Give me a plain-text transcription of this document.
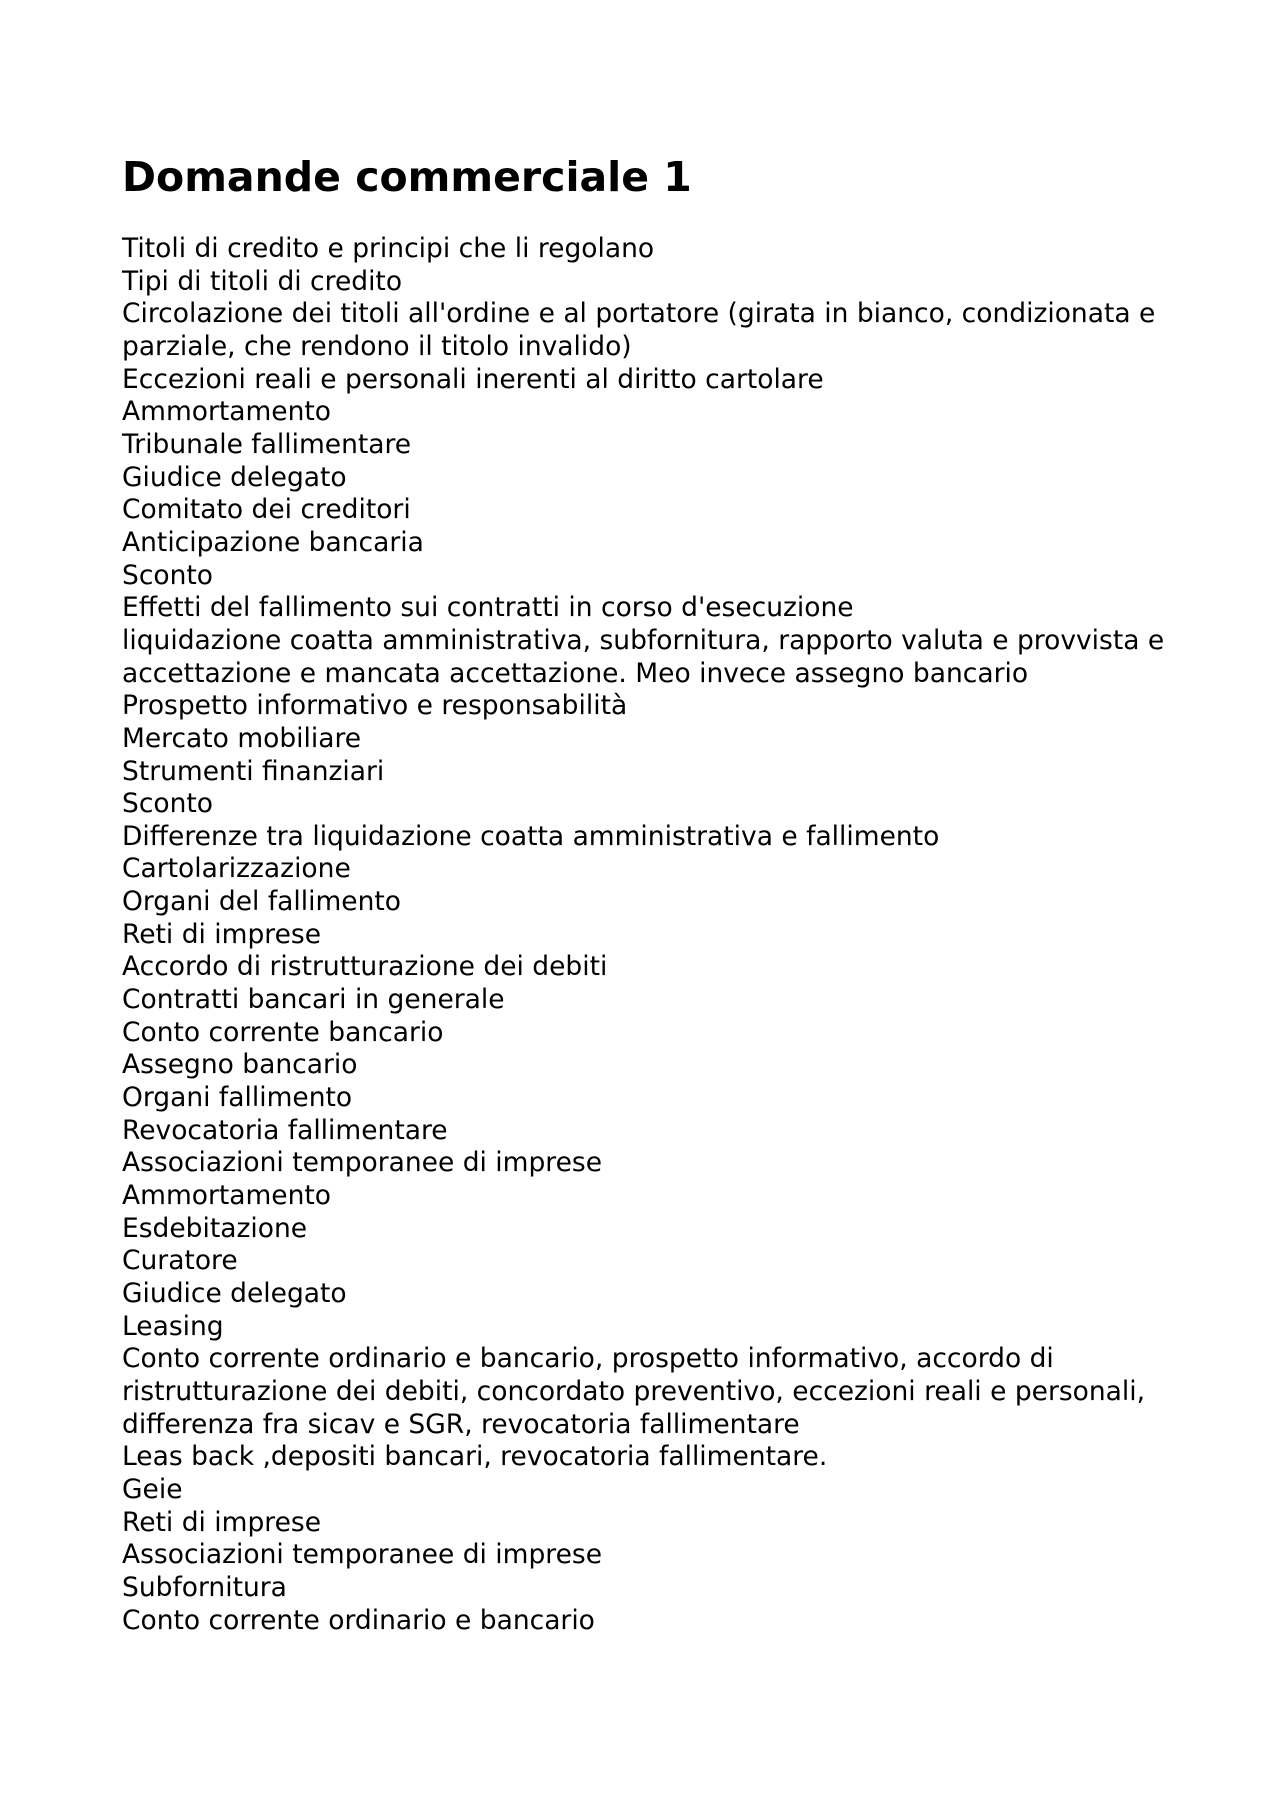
Domande commerciale 1
Titoli di credito e principi che li regolano
Tipi di titoli di credito
Circolazione dei titoli all'ordine e al portatore (girata in bianco, condizionata e parziale, che rendono il titolo invalido)
Eccezioni reali e personali inerenti al diritto cartolare
Ammortamento
Tribunale fallimentare
Giudice delegato
Comitato dei creditori
Anticipazione bancaria
Sconto
Effetti del fallimento sui contratti in corso d'esecuzione
liquidazione coatta amministrativa, subfornitura, rapporto valuta e provvista e accettazione e mancata accettazione. Meo invece assegno bancario
Prospetto informativo e responsabilità
Mercato mobiliare
Strumenti finanziari
Sconto
Differenze tra liquidazione coatta amministrativa e fallimento
Cartolarizzazione
Organi del fallimento
Reti di imprese
Accordo di ristrutturazione dei debiti
Contratti bancari in generale
Conto corrente bancario
Assegno bancario
Organi fallimento
Revocatoria fallimentare
Associazioni temporanee di imprese
Ammortamento
Esdebitazione
Curatore
Giudice delegato
Leasing
Conto corrente ordinario e bancario, prospetto informativo, accordo di ristrutturazione dei debiti, concordato preventivo, eccezioni reali e personali, differenza fra sicav e SGR, revocatoria fallimentare
Leas back ,depositi bancari, revocatoria fallimentare.
Geie
Reti di imprese
Associazioni temporanee di imprese
Subfornitura
Conto corrente ordinario e bancario
